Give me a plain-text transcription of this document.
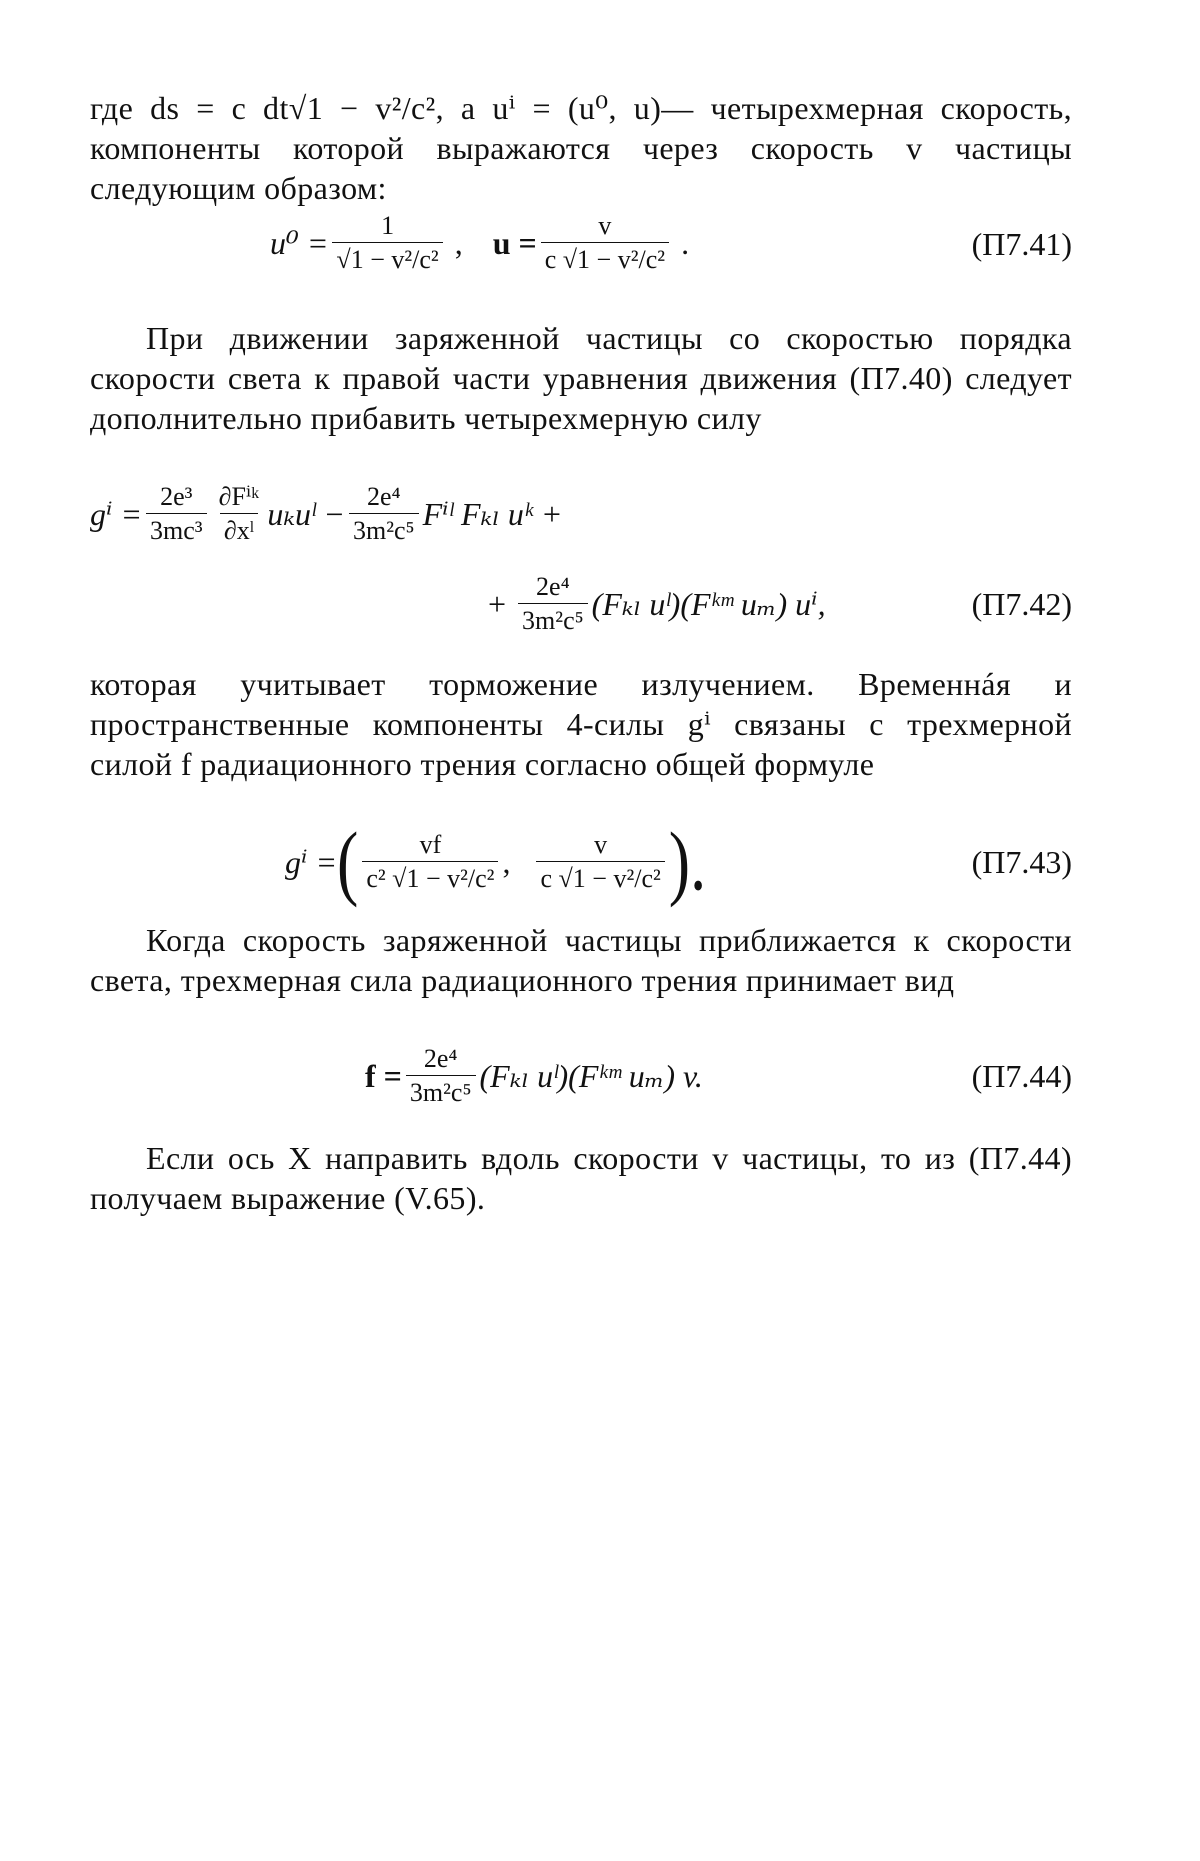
где ds = c dt√1 − v²/c², а uⁱ = (u⁰, u)— четырехмерная скорость, компоненты которой выражаются через скорость v частицы следующим образом:
$u^0 = \frac{1}{\text{√1 − v²/c²}}$ , $u = \frac{v}{\text{c √1 − v²/c²}}$ .	(П7.41)
При движении заряженной частицы со скоростью порядка скорости света к правой части уравнения движения (П7.40) следует дополнительно прибавить четырехмерную силу
$g^i = \frac{\text{2e³}}{\text{3mc³}} \frac{\text{∂Fⁱᵏ}}{\text{∂xˡ}}$ uₖuˡ − $\frac{\text{2e⁴}}{\text{3m²c⁵}}$ Fⁱˡ Fₖₗ uᵏ +
+ $\frac{\text{2e⁴}}{\text{3m²c⁵}} (F_{kl}$ uˡ)(Fᵏᵐ uₘ) uⁱ,	(П7.42)
которая учитывает торможение излучением. Временнáя и пространственные компоненты 4-силы gⁱ связаны с трехмерной силой f радиационного трения согласно общей формуле
gⁱ = ( $\frac{vf}{\text{c² √1 − v²/c²}}$ , $\frac{v}{\text{c √1 − v²/c²}}$ ).	(П7.43)
Когда скорость заряженной частицы приближается к скорости света, трехмерная сила радиационного трения принимает вид
$f = \frac{\text{2e⁴}}{\text{3m²c⁵}} (F_{kl}$ uˡ)(Fᵏᵐ uₘ) v.	(П7.44)
Если ось X направить вдоль скорости v частицы, то из (П7.44) получаем выражение (V.65).
